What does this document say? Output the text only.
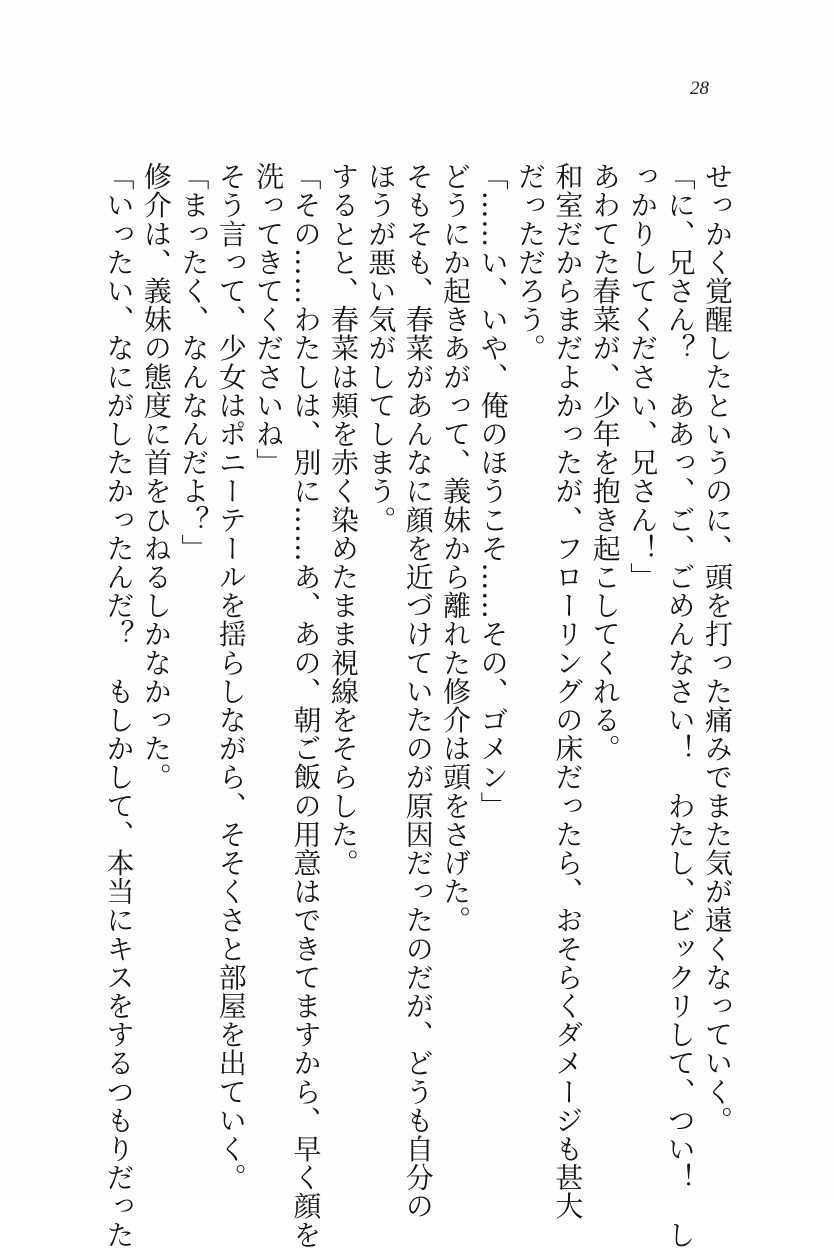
28

せっかく覚醒したというのに、頭を打った痛みでまた気が遠くなっていく。

「に、兄さん？　ああっ、ご、ごめんなさい！　わたし、ビックリして、つい！　し

っかりしてください、兄さん！」

あわてた春菜が、少年を抱き起こしてくれる。

和室だからまだよかったが、フローリングの床だったら、おそらくダメージも甚大

だっただろう。

「……い、いや、俺のほうこそ……その、ゴメン」

どうにか起きあがって、義妹から離れた修介は頭をさげた。

そもそも、春菜があんなに顔を近づけていたのが原因だったのだが、どうも自分の

ほうが悪い気がしてしまう。

するとと、春菜は頬を赤く染めたまま視線をそらした。

「その……わたしは、別に……あ、あの、朝ご飯の用意はできてますから、早く顔を

洗ってきてくださいね」

そう言って、少女はポニーテールを揺らしながら、そそくさと部屋を出ていく。

「まったく、なんなんだよ？」

修介は、義妹の態度に首をひねるしかなかった。

「いったい、なにがしたかったんだ？　もしかして、本当にキスをするつもりだった
